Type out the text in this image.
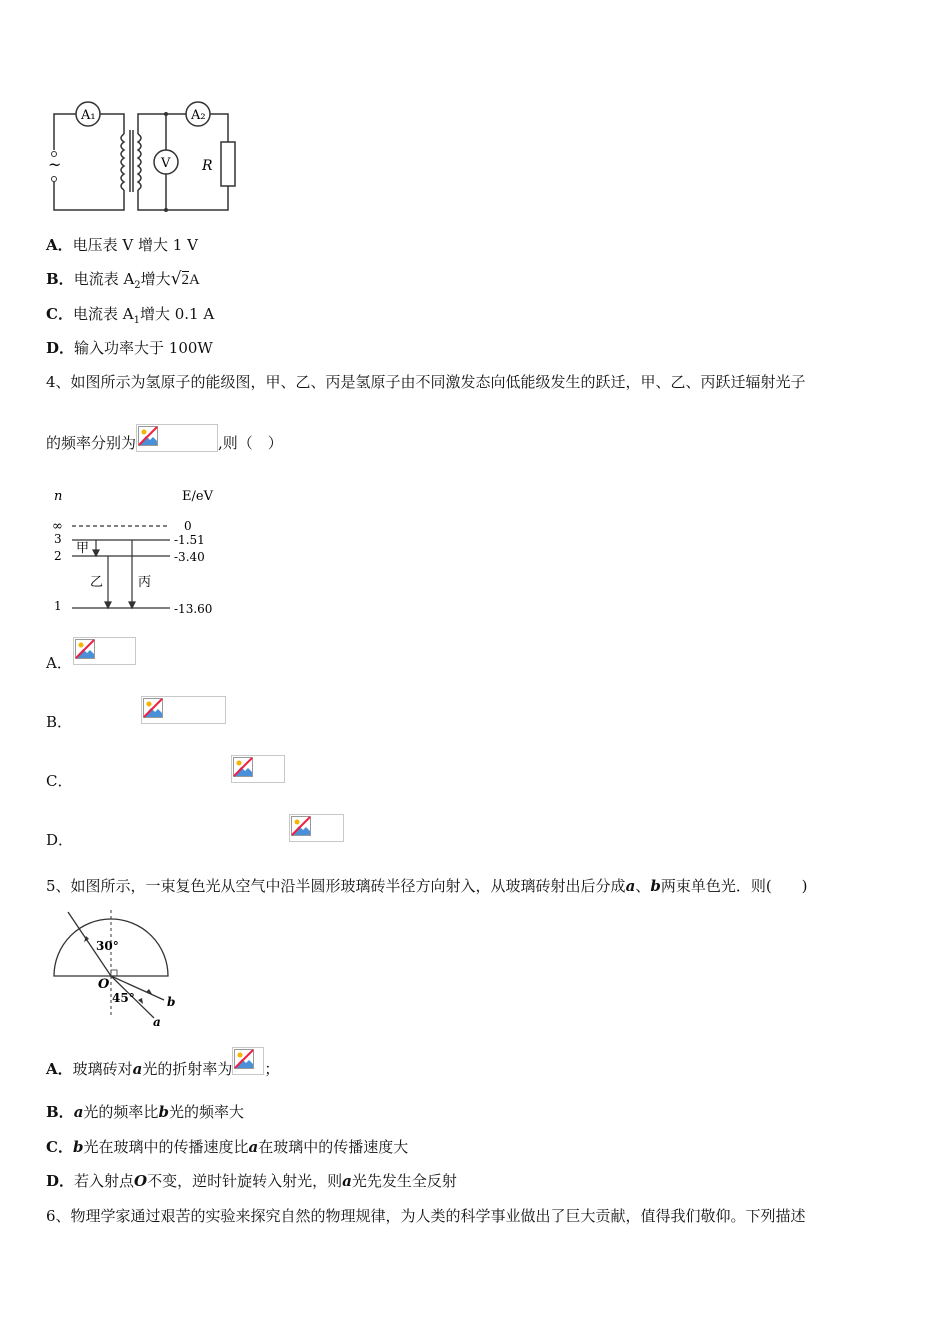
A₁	A₂
V R
~
A．电压表 V 增大 1 V
B．电流表 $A_2$增大√2A
C．电流表 $A_1$增大 0.1 A
D．输入功率大于 100W
4、如图所示为氢原子的能级图，甲、乙、丙是氢原子由不同激发态向低能级发生的跃迁，甲、乙、丙跃迁辐射光子
的频率分别为	,则（　）
n	E/eV
∞
3
2
1
0
-1.51
-3.40
-13.60
甲
乙	丙
A．

B．

C．

D．
5、如图所示，一束复色光从空气中沿半圆形玻璃砖半径方向射入，从玻璃砖射出后分成a、b两束单色光．则(　　)
30°
45°
O
a
b
A．玻璃砖对a光的折射率为 ；
B．a光的频率比b光的频率大
C．b光在玻璃中的传播速度比a在玻璃中的传播速度大
D．若入射点O不变，逆时针旋转入射光，则a光先发生全反射
6、物理学家通过艰苦的实验来探究自然的物理规律，为人类的科学事业做出了巨大贡献，值得我们敬仰。下列描述
